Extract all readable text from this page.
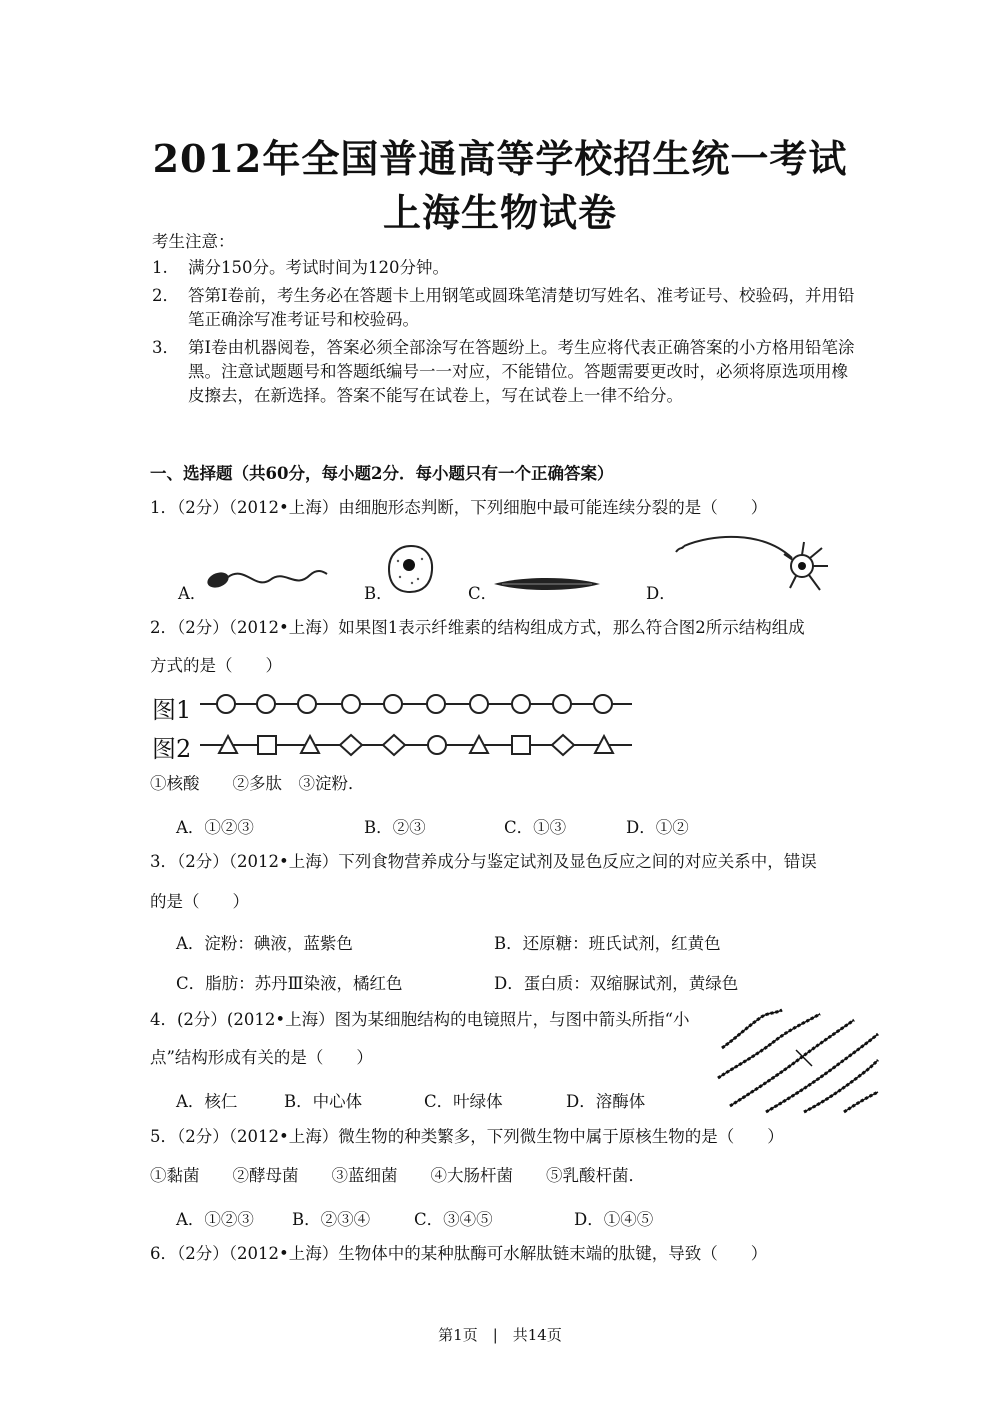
2012年全国普通高等学校招生统一考试
上海生物试卷
考生注意：
1. 满分150分。考试时间为120分钟。
2． 答第Ⅰ卷前，考生务必在答题卡上用钢笔或圆珠笔清楚切写姓名、准考证号、校验码，并用铅笔正确涂写准考证号和校验码。
3． 第Ⅰ卷由机器阅卷，答案必须全部涂写在答题纷上。考生应将代表正确答案的小方格用铅笔涂黑。注意试题题号和答题纸编号一一对应，不能错位。答题需要更改时，必须将原选项用橡皮擦去，在新选择。答案不能写在试卷上，写在试卷上一律不给分。
一、选择题（共60分，每小题2分．每小题只有一个正确答案）
1．（2分）（2012•上海）由细胞形态判断，下列细胞中最可能连续分裂的是（　　）
A．	B．	C．	D．
2．（2分）（2012•上海）如果图1表示纤维素的结构组成方式，那么符合图2所示结构组成
方式的是（　　）
图1
图2
①核酸　　②多肽　③淀粉．
A．①②③	B．②③	C．①③	D．①②
3．（2分）（2012•上海）下列食物营养成分与鉴定试剂及显色反应之间的对应关系中，错误
的是（　　）
A．淀粉：碘液，蓝紫色	B．还原糖：班氏试剂，红黄色
C．脂肪：苏丹Ⅲ染液，橘红色	D．蛋白质：双缩脲试剂，黄绿色
4．(2分）(2012•上海）图为某细胞结构的电镜照片，与图中箭头所指“小
点”结构形成有关的是（　　）
A．核仁	B．中心体	C．叶绿体	D．溶酶体
5．（2分）（2012•上海）微生物的种类繁多，下列微生物中属于原核生物的是（　　）
①黏菌　　②酵母菌　　③蓝细菌　　④大肠杆菌　　⑤乳酸杆菌．
A．①②③ B．②③④	C．③④⑤	D．①④⑤
6．（2分）（2012•上海）生物体中的某种肽酶可水解肽链末端的肽键，导致（　　）
第1页　|　共14页
